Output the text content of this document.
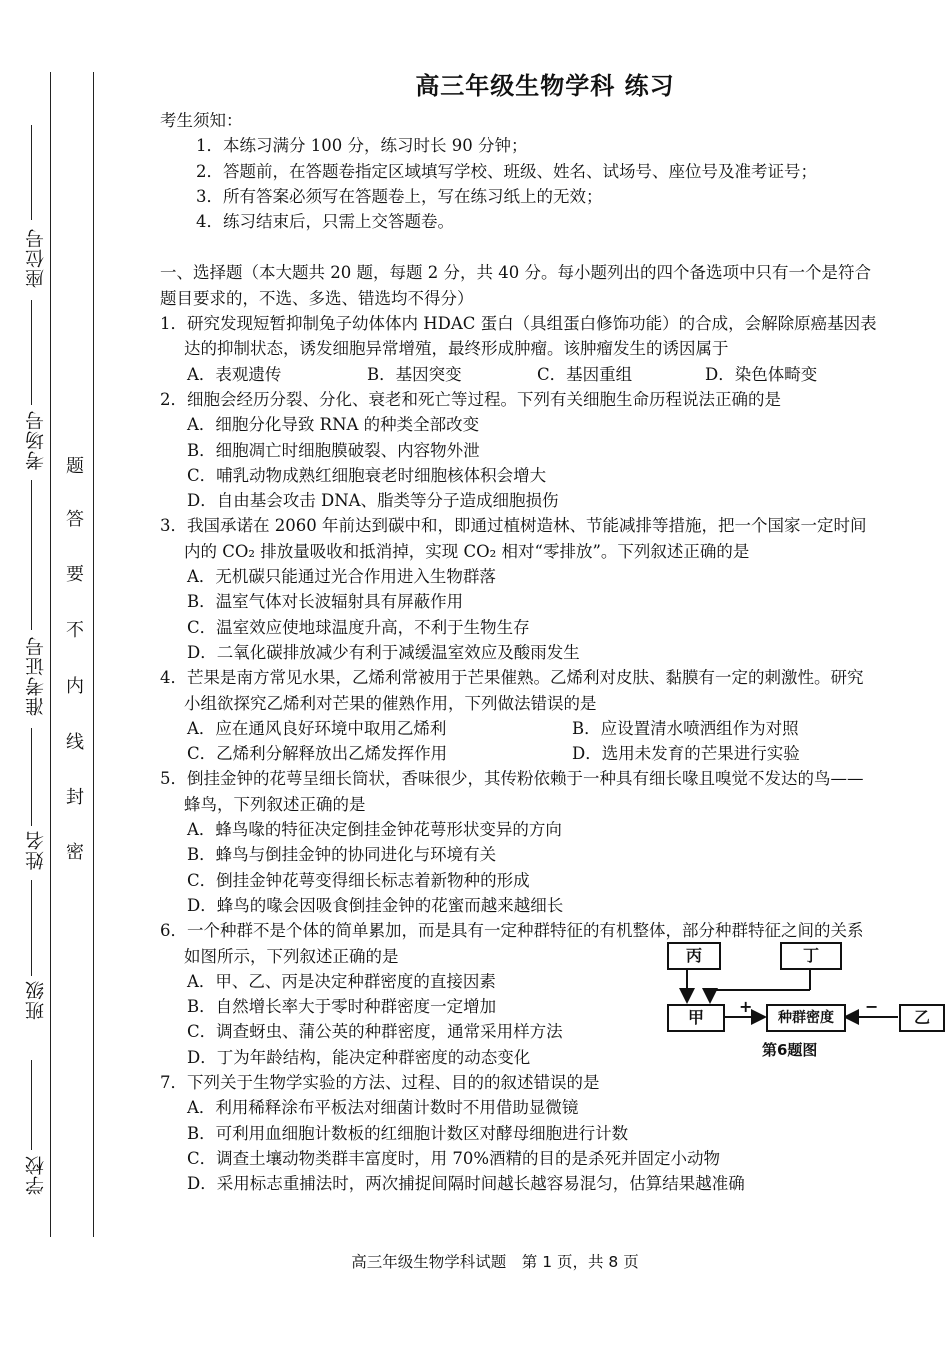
座位号
考场号
准考证号
姓名
班级
学校
题
答
要
不
内
线
封
密
高三年级生物学科 练习
考生须知：
1．本练习满分 100 分，练习时长 90 分钟；
2．答题前，在答题卷指定区域填写学校、班级、姓名、试场号、座位号及准考证号；
3．所有答案必须写在答题卷上，写在练习纸上的无效；
4．练习结束后，只需上交答题卷。
一、选择题（本大题共 20 题，每题 2 分，共 40 分。每小题列出的四个备选项中只有一个是符合
题目要求的，不选、多选、错选均不得分）
1．研究发现短暂抑制兔子幼体体内 HDAC 蛋白（具组蛋白修饰功能）的合成，会解除原癌基因表
达的抑制状态，诱发细胞异常增殖，最终形成肿瘤。该肿瘤发生的诱因属于
A．表观遗传	B．基因突变	C．基因重组	D．染色体畸变
2．细胞会经历分裂、分化、衰老和死亡等过程。下列有关细胞生命历程说法正确的是
A．细胞分化导致 RNA 的种类全部改变
B．细胞凋亡时细胞膜破裂、内容物外泄
C．哺乳动物成熟红细胞衰老时细胞核体积会增大
D．自由基会攻击 DNA、脂类等分子造成细胞损伤
3．我国承诺在 2060 年前达到碳中和，即通过植树造林、节能减排等措施，把一个国家一定时间
内的 CO₂ 排放量吸收和抵消掉，实现 CO₂ 相对“零排放”。下列叙述正确的是
A．无机碳只能通过光合作用进入生物群落
B．温室气体对长波辐射具有屏蔽作用
C．温室效应使地球温度升高，不利于生物生存
D．二氧化碳排放减少有利于减缓温室效应及酸雨发生
4．芒果是南方常见水果，乙烯利常被用于芒果催熟。乙烯利对皮肤、黏膜有一定的刺激性。研究
小组欲探究乙烯利对芒果的催熟作用，下列做法错误的是
A．应在通风良好环境中取用乙烯利	B．应设置清水喷洒组作为对照
C．乙烯利分解释放出乙烯发挥作用	D．选用未发育的芒果进行实验
5．倒挂金钟的花萼呈细长筒状，香味很少，其传粉依赖于一种具有细长喙且嗅觉不发达的鸟——
蜂鸟，下列叙述正确的是
A．蜂鸟喙的特征决定倒挂金钟花萼形状变异的方向
B．蜂鸟与倒挂金钟的协同进化与环境有关
C．倒挂金钟花萼变得细长标志着新物种的形成
D．蜂鸟的喙会因吸食倒挂金钟的花蜜而越来越细长
6．一个种群不是个体的简单累加，而是具有一定种群特征的有机整体，部分种群特征之间的关系
如图所示，下列叙述正确的是
A．甲、乙、丙是决定种群密度的直接因素
B．自然增长率大于零时种群密度一定增加
C．调查蚜虫、蒲公英的种群密度，通常采用样方法
D．丁为年龄结构，能决定种群密度的动态变化
丙	丁
甲	种群密度	乙
+	−
第6题图
7．下列关于生物学实验的方法、过程、目的的叙述错误的是
A．利用稀释涂布平板法对细菌计数时不用借助显微镜
B．可利用血细胞计数板的红细胞计数区对酵母细胞进行计数
C．调查土壤动物类群丰富度时，用 70%酒精的目的是杀死并固定小动物
D．采用标志重捕法时，两次捕捉间隔时间越长越容易混匀，估算结果越准确
高三年级生物学科试题　第 1 页，共 8 页
